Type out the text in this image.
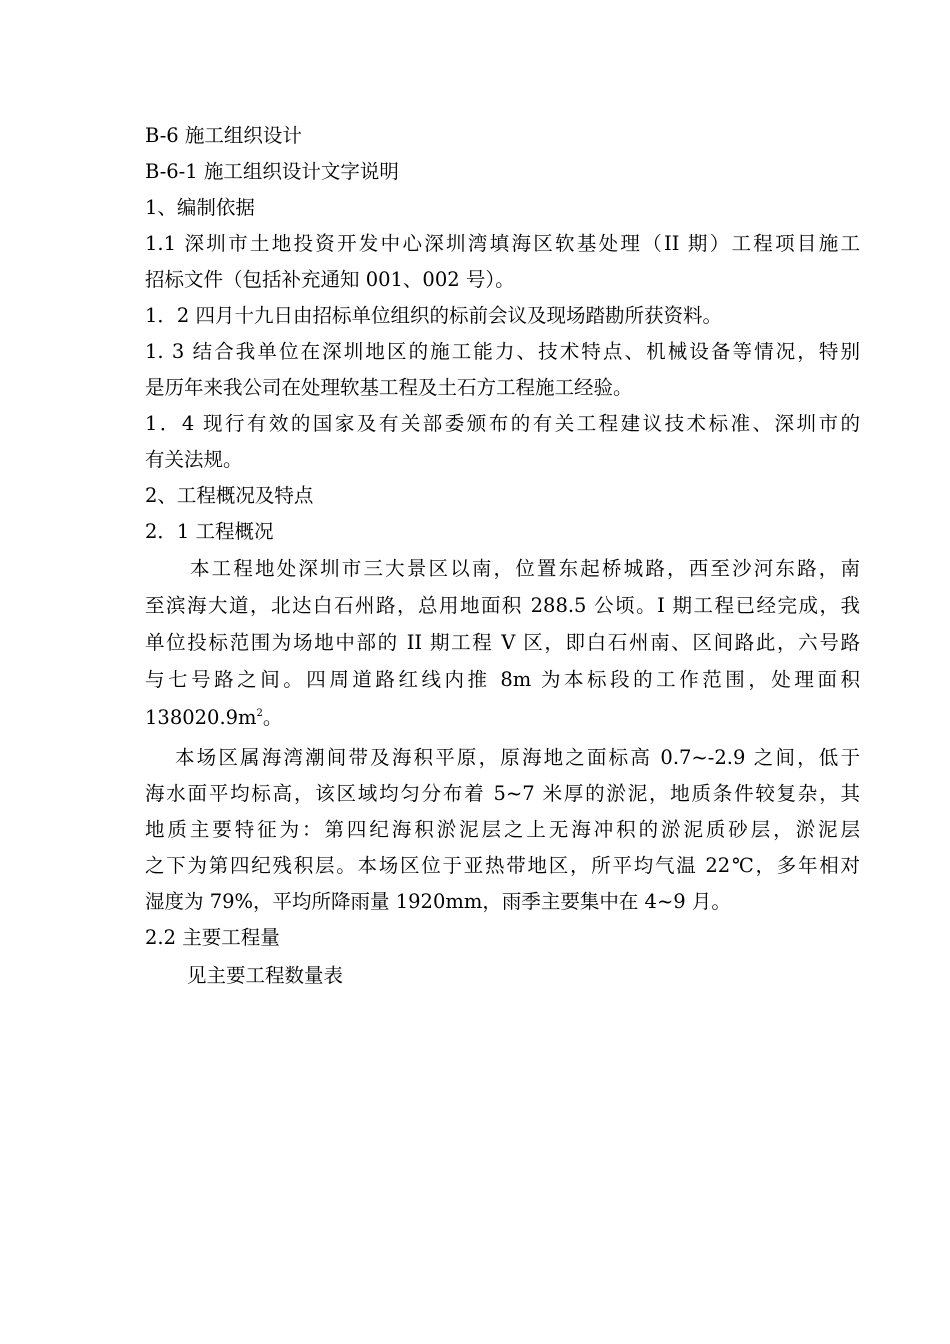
B-6 施工组织设计
B-6-1 施工组织设计文字说明
1、编制依据
1.1 深圳市土地投资开发中心深圳湾填海区软基处理（II 期）工程项目施工
招标文件（包括补充通知 001、002 号）。
1．2 四月十九日由招标单位组织的标前会议及现场踏勘所获资料。
1. 3 结合我单位在深圳地区的施工能力、技术特点、机械设备等情况，特别
是历年来我公司在处理软基工程及土石方工程施工经验。
1．4 现行有效的国家及有关部委颁布的有关工程建议技术标准、深圳市的
有关法规。
2、工程概况及特点
2．1 工程概况
本工程地处深圳市三大景区以南，位置东起桥城路，西至沙河东路，南
至滨海大道，北达白石州路，总用地面积 288.5 公顷。I 期工程已经完成，我
单位投标范围为场地中部的 II 期工程 V 区，即白石州南、区间路此，六号路
与七号路之间。四周道路红线内推 8m 为本标段的工作范围，处理面积
$138020.9m^2$。
本场区属海湾潮间带及海积平原，原海地之面标高 0.7~-2.9 之间，低于
海水面平均标高，该区域均匀分布着 5~7 米厚的淤泥，地质条件较复杂，其
地质主要特征为：第四纪海积淤泥层之上无海冲积的淤泥质砂层，淤泥层
之下为第四纪残积层。本场区位于亚热带地区，所平均气温 22℃，多年相对
湿度为 79%，平均所降雨量 1920mm，雨季主要集中在 4~9 月。
2.2 主要工程量
见主要工程数量表
